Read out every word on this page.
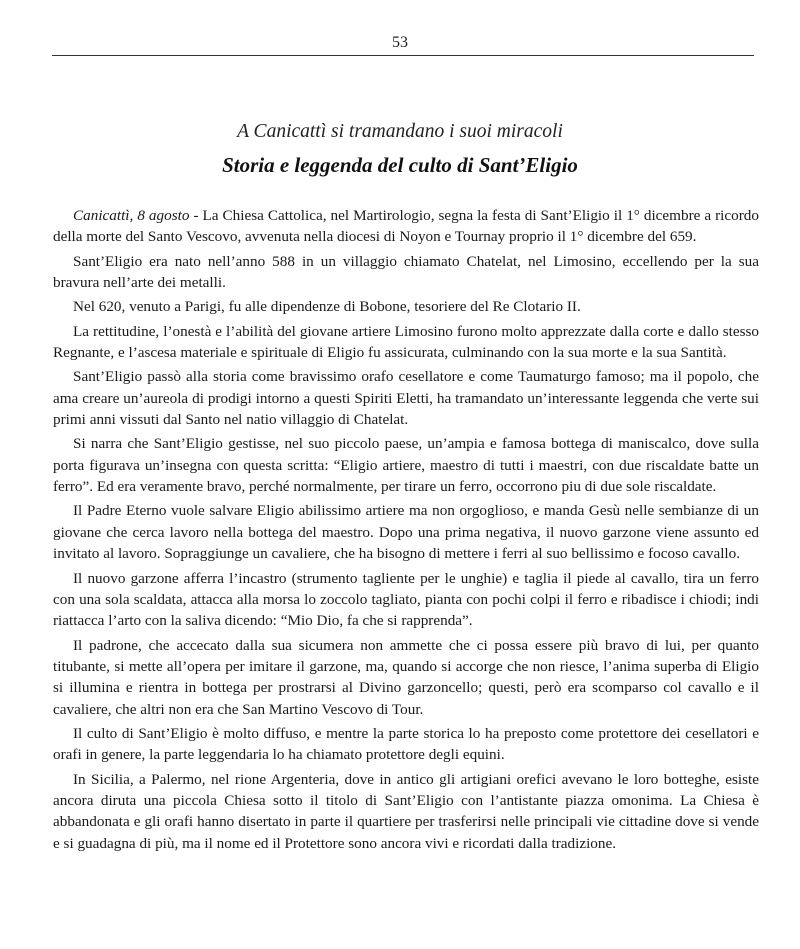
53
A Canicattì si tramandano i suoi miracoli
Storia e leggenda del culto di Sant’Eligio

Canicattì, 8 agosto - La Chiesa Cattolica, nel Martirologio, segna la festa di Sant’Eligio il 1° dicembre a ricordo della morte del Santo Vescovo, avvenuta nella diocesi di Noyon e Tournay proprio il 1° dicembre del 659.

Sant’Eligio era nato nell’anno 588 in un villaggio chiamato Chatelat, nel Limosino, eccellendo per la sua bravura nell’arte dei metalli.

Nel 620, venuto a Parigi, fu alle dipendenze di Bobone, tesoriere del Re Clotario II.

La rettitudine, l’onestà e l’abilità del giovane artiere Limosino furono molto apprezzate dalla corte e dallo stesso Regnante, e l’ascesa materiale e spirituale di Eligio fu assicurata, culminando con la sua morte e la sua Santità.

Sant’Eligio passò alla storia come bravissimo orafo cesellatore e come Taumaturgo famoso; ma il popolo, che ama creare un’aureola di prodigi intorno a questi Spiriti Eletti, ha tramandato un’interessante leggenda che verte sui primi anni vissuti dal Santo nel natio villaggio di Chatelat.

Si narra che Sant’Eligio gestisse, nel suo piccolo paese, un’ampia e famosa bottega di maniscalco, dove sulla porta figurava un’insegna con questa scritta: “Eligio artiere, maestro di tutti i maestri, con due riscaldate batte un ferro”. Ed era veramente bravo, perché normalmente, per tirare un ferro, occorrono piu di due sole riscaldate.

Il Padre Eterno vuole salvare Eligio abilissimo artiere ma non orgoglioso, e manda Gesù nelle sembianze di un giovane che cerca lavoro nella bottega del maestro. Dopo una prima negativa, il nuovo garzone viene assunto ed invitato al lavoro. Sopraggiunge un cavaliere, che ha bisogno di mettere i ferri al suo bellissimo e focoso cavallo.

Il nuovo garzone afferra l’incastro (strumento tagliente per le unghie) e taglia il piede al cavallo, tira un ferro con una sola scaldata, attacca alla morsa lo zoccolo tagliato, pianta con pochi colpi il ferro e ribadisce i chiodi; indi riattacca l’arto con la saliva dicendo: “Mio Dio, fa che si rapprenda”.

Il padrone, che accecato dalla sua sicumera non ammette che ci possa essere più bravo di lui, per quanto titubante, si mette all’opera per imitare il garzone, ma, quando si accorge che non riesce, l’anima superba di Eligio si illumina e rientra in bottega per prostrarsi al Divino garzoncello; questi, però era scomparso col cavallo e il cavaliere, che altri non era che San Martino Vescovo di Tour.

Il culto di Sant’Eligio è molto diffuso, e mentre la parte storica lo ha preposto come protettore dei cesellatori e orafi in genere, la parte leggendaria lo ha chiamato protettore degli equini.

In Sicilia, a Palermo, nel rione Argenteria, dove in antico gli artigiani orefici avevano le loro botteghe, esiste ancora diruta una piccola Chiesa sotto il titolo di Sant’Eligio con l’antistante piazza omonima. La Chiesa è abbandonata e gli orafi hanno disertato in parte il quartiere per trasferirsi nelle principali vie cittadine dove si vende e si guadagna di più, ma il nome ed il Protettore sono ancora vivi e ricordati dalla tradizione.
